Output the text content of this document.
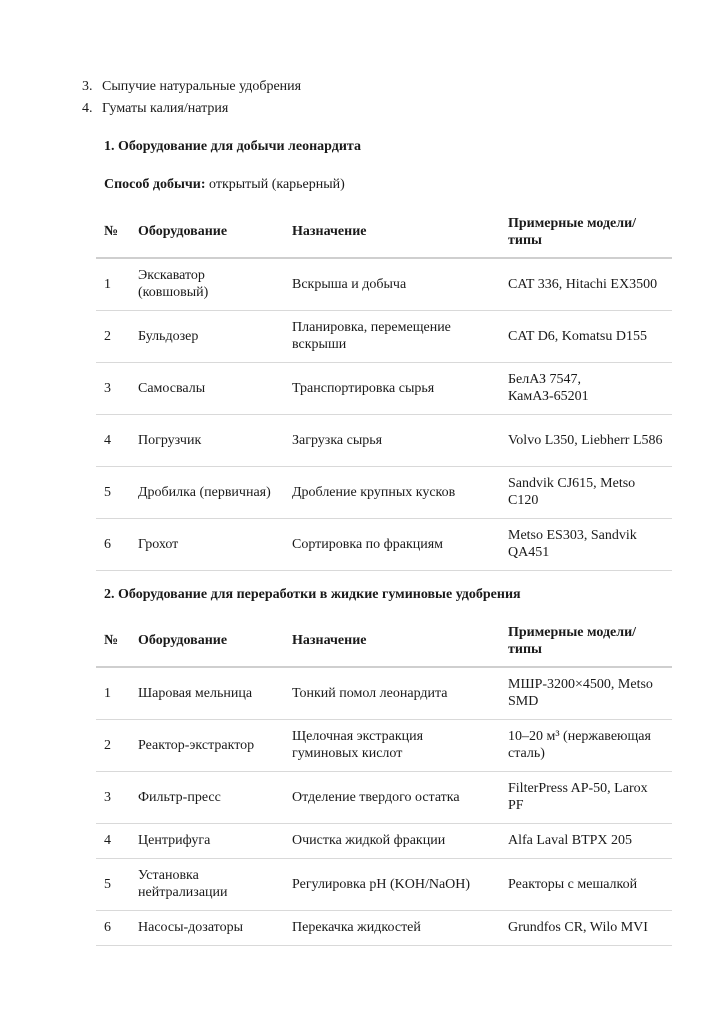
3. Сыпучие натуральные удобрения
4. Гуматы калия/натрия
1. Оборудование для добычи леонардита
Способ добычи: открытый (карьерный)
№	Оборудование	Назначение	Примерные модели/типы
1	Экскаватор (ковшовый)	Вскрыша и добыча	CAT 336, Hitachi EX3500
2	Бульдозер	Планировка, перемещение вскрыши	CAT D6, Komatsu D155
3	Самосвалы	Транспортировка сырья	БелАЗ 7547, КамАЗ-65201
4	Погрузчик	Загрузка сырья	Volvo L350, Liebherr L586
5	Дробилка (первичная)	Дробление крупных кусков	Sandvik CJ615, Metso C120
6	Грохот	Сортировка по фракциям	Metso ES303, Sandvik QA451
2. Оборудование для переработки в жидкие гуминовые удобрения
№	Оборудование	Назначение	Примерные модели/типы
1	Шаровая мельница	Тонкий помол леонардита	МШР-3200×4500, Metso SMD
2	Реактор-экстрактор	Щелочная экстракция гуминовых кислот	10–20 м³ (нержавеющая сталь)
3	Фильтр-пресс	Отделение твердого остатка	FilterPress AP-50, Larox PF
4	Центрифуга	Очистка жидкой фракции	Alfa Laval BTPX 205
5	Установка нейтрализации	Регулировка pH (KOH/NaOH)	Реакторы с мешалкой
6	Насосы-дозаторы	Перекачка жидкостей	Grundfos CR, Wilo MVI
